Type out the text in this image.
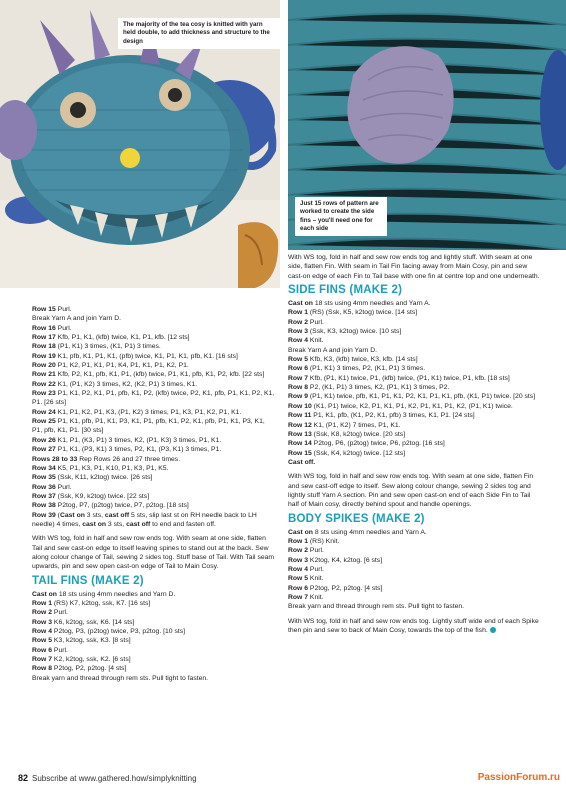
The majority of the tea cosy is knitted with yarn held double, to add thickness and structure to the design
Just 15 rows of pattern are worked to create the side fins – you'll need one for each side

Row 15 Purl.

Break Yarn A and join Yarn D.

Row 16 Purl.

Row 17 Kfb, P1, K1, (kfb) twice, K1, P1, kfb. [12 sts]

Row 18 (P1, K1) 3 times, (K1, P1) 3 times.

Row 19 K1, pfb, K1, P1, K1, (pfb) twice, K1, P1, K1, pfb, K1. [16 sts]

Row 20 P1, K2, P1, K1, P1, K4, P1, K1, P1, K2, P1.

Row 21 Kfb, P2, K1, pfb, K1, P1, (kfb) twice, P1, K1, pfb, K1, P2, kfb. [22 sts]

Row 22 K1, (P1, K2) 3 times, K2, (K2, P1) 3 times, K1.

Row 23 P1, K1, P2, K1, P1, pfb, K1, P2, (kfb) twice, P2, K1, pfb, P1, K1, P2, K1, P1. [26 sts]

Row 24 K1, P1, K2, P1, K3, (P1, K2) 3 times, P1, K3, P1, K2, P1, K1.

Row 25 P1, K1, pfb, P1, K1, P3, K1, P1, pfb, K1, P2, K1, pfb, P1, K1, P3, K1, P1, pfb, K1, P1. [30 sts]

Row 26 K1, P1, (K3, P1) 3 times, K2, (P1, K3) 3 times, P1, K1.

Row 27 P1, K1, (P3, K1) 3 times, P2, K1, (P3, K1) 3 times, P1.

Rows 28 to 33 Rep Rows 26 and 27 three times.

Row 34 K5, P1, K3, P1, K10, P1, K3, P1, K5.

Row 35 (Ssk, K11, k2tog) twice. [26 sts]

Row 36 Purl.

Row 37 (Ssk, K9, k2tog) twice. [22 sts]

Row 38 P2tog, P7, (p2tog) twice, P7, p2tog. [18 sts]

Row 39 (Cast on 3 sts, cast off 5 sts, slip last st on RH needle back to LH needle) 4 times, cast on 3 sts, cast off to end and fasten off.

With WS tog, fold in half and sew row ends tog. With seam at one side, flatten Tail and sew cast-on edge to itself leaving spines to stand out at the back. Sew along colour change of Tail, sewing 2 sides tog. Stuff base of Tail. With Tail seam upwards, pin and sew open cast-on edge of Tail to Main Cosy.

TAIL FINS (MAKE 2)

Cast on 18 sts using 4mm needles and Yarn D.

Row 1 (RS) K7, k2tog, ssk, K7. [16 sts]

Row 2 Purl.

Row 3 K6, k2tog, ssk, K6. [14 sts]

Row 4 P2tog, P3, (p2tog) twice, P3, p2tog. [10 sts]

Row 5 K3, k2tog, ssk, K3. [8 sts]

Row 6 Purl.

Row 7 K2, k2tog, ssk, K2. [6 sts]

Row 8 P2tog, P2, p2tog. [4 sts]

Break yarn and thread through rem sts. Pull tight to fasten.

With WS tog, fold in half and sew row ends tog and lightly stuff. With seam at one side, flatten Fin. With seam in Tail Fin facing away from Main Cosy, pin and sew cast-on edge of each Fin to Tail base with one fin at centre top and one underneath.

SIDE FINS (MAKE 2)

Cast on 18 sts using 4mm needles and Yarn A.

Row 1 (RS) (Ssk, K5, k2tog) twice. [14 sts]

Row 2 Purl.

Row 3 (Ssk, K3, k2tog) twice. [10 sts]

Row 4 Knit.

Break Yarn A and join Yarn D.

Row 5 Kfb, K3, (kfb) twice, K3, kfb. [14 sts]

Row 6 (P1, K1) 3 times, P2, (K1, P1) 3 times.

Row 7 Kfb, (P1, K1) twice, P1, (kfb) twice, (P1, K1) twice, P1, kfb. [18 sts]

Row 8 P2, (K1, P1) 3 times, K2, (P1, K1) 3 times, P2.

Row 9 (P1, K1) twice, pfb, K1, P1, K1, P2, K1, P1, K1, pfb, (K1, P1) twice. [20 sts]

Row 10 (K1, P1) twice, K2, P1, K1, P1, K2, P1, K1, P1, K2, (P1, K1) twice.

Row 11 P1, K1, pfb, (K1, P2, K1, pfb) 3 times, K1, P1. [24 sts]

Row 12 K1, (P1, K2) 7 times, P1, K1.

Row 13 (Ssk, K8, k2tog) twice. [20 sts]

Row 14 P2tog, P6, (p2tog) twice, P6, p2tog. [16 sts]

Row 15 (Ssk, K4, k2tog) twice. [12 sts]

Cast off.

With WS tog, fold in half and sew row ends tog. With seam at one side, flatten Fin and sew cast-off edge to itself. Sew along colour change, sewing 2 sides tog and lightly stuff Yarn A section. Pin and sew open cast-on end of each Side Fin to Tail half of Main cosy, directly behind spout and handle openings.

BODY SPIKES (MAKE 2)

Cast on 8 sts using 4mm needles and Yarn A.

Row 1 (RS) Knit.

Row 2 Purl.

Row 3 K2tog, K4, k2tog. [6 sts]

Row 4 Purl.

Row 5 Knit.

Row 6 P2tog, P2, p2tog. [4 sts]

Row 7 Knit.

Break yarn and thread through rem sts. Pull tight to fasten.

With WS tog, fold in half and sew row ends tog. Lightly stuff wide end of each Spike then pin and sew to back of Main Cosy, towards the top of the fish.

82 Subscribe at www.gathered.how/simplyknitting	PassionForum.ru
